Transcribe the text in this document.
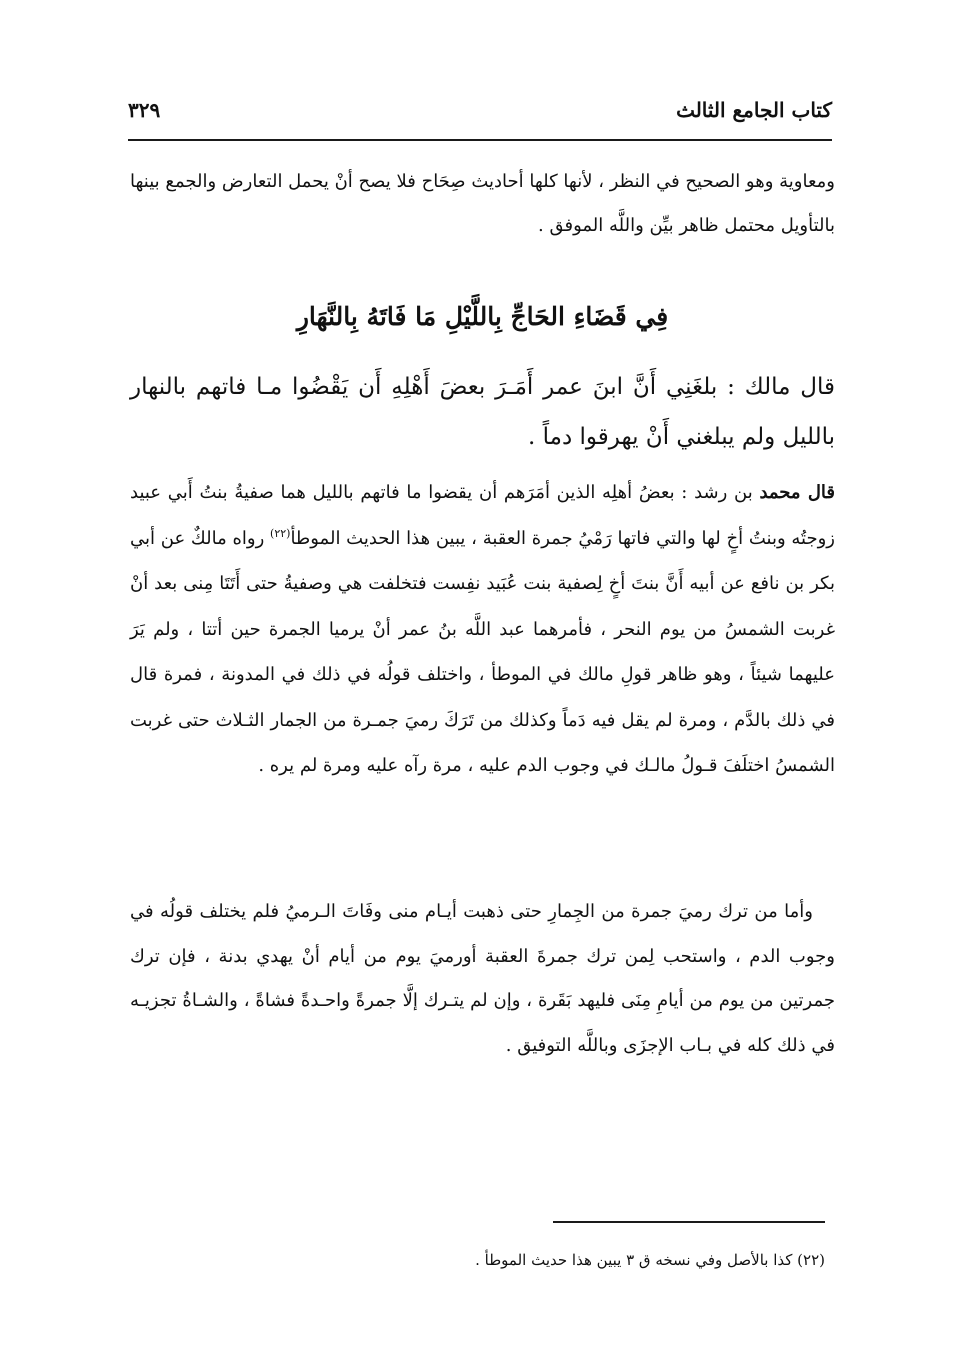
كتاب الجامع الثالث
٣٢٩

ومعاوية وهو الصحيح في النظر ، لأنها كلها أحاديث صِحَاح فلا يصح أنْ يحمل التعارض والجمع بينها بالتأويل محتمل ظاهر بيِّن واللَّه الموفق .

فِي قَضَاءِ الحَاجِّ بِاللَّيْلِ مَا فَاتَهُ بِالنَّهَارِ

قال مالك : بلغَنِي أَنَّ ابنَ عمر أَمَـرَ بعضَ أَهْلِهِ أَن يَقْضُوا مـا فاتهم بالنهار بالليل ولم يبلغني أَنْ يهرقوا دماً .

قال محمد بن رشد : بعضُ أهلِه الذين أمَرَهم أن يقضوا ما فاتهم بالليل هما صفيةُ بنتُ أَبي عبيد زوجتُه وبنتُ أخٍ لها والتي فاتها رَمْيُ جمرة العقبة ، يبين هذا الحديث الموطأ$^{(٢٢)}$ رواه مالكٌ عن أبي بكر بن نافع عن أبيه أَنَّ بنتَ أخٍ لِصفية بنت عُبَيد نفِست فتخلفت هي وصفيةُ حتى أَتَتَا مِنى بعد أنْ غربت الشمسُ من يوم النحر ، فأمرهما عبد اللَّه بنُ عمر أنْ يرميا الجمرة حين أتتا ، ولم يَرَ عليهما شيئاً ، وهو ظاهر قولِ مالك في الموطأ ، واختلف قولُه في ذلك في المدونة ، فمرة قال في ذلك بالدَّم ، ومرة لم يقل فيه دَماً وكذلك من تَرَكَ رميَ جمـرة من الجمار الثـلاث حتى غربت الشمسُ اختلَفَ قـولُ مالـك في وجوب الدم عليه ، مرة رآه عليه ومرة لم يره .

وأما من ترك رميَ جمرة من الجِمارِ حتى ذهبت أيـام منى وفَاتَ الـرميُ فلم يختلف قولُه في وجوب الدم ، واستحب لِمن ترك جمرةَ العقبة أورميَ يوم من أيام أنْ يهدي بدنة ، فإن ترك جمرتين من يوم من أيامِ مِنَى فليهد بَقَرة ، وإن لم يتـرك إلَّا جمرةً واحـدةً فشاةً ، والشـاةُ تجزيـه في ذلك كله في بـاب الإجزَى وباللَّه التوفيق .

(٢٢) كذا بالأصل وفي نسخه ق ٣ يبين هذا حديث الموطأ .
